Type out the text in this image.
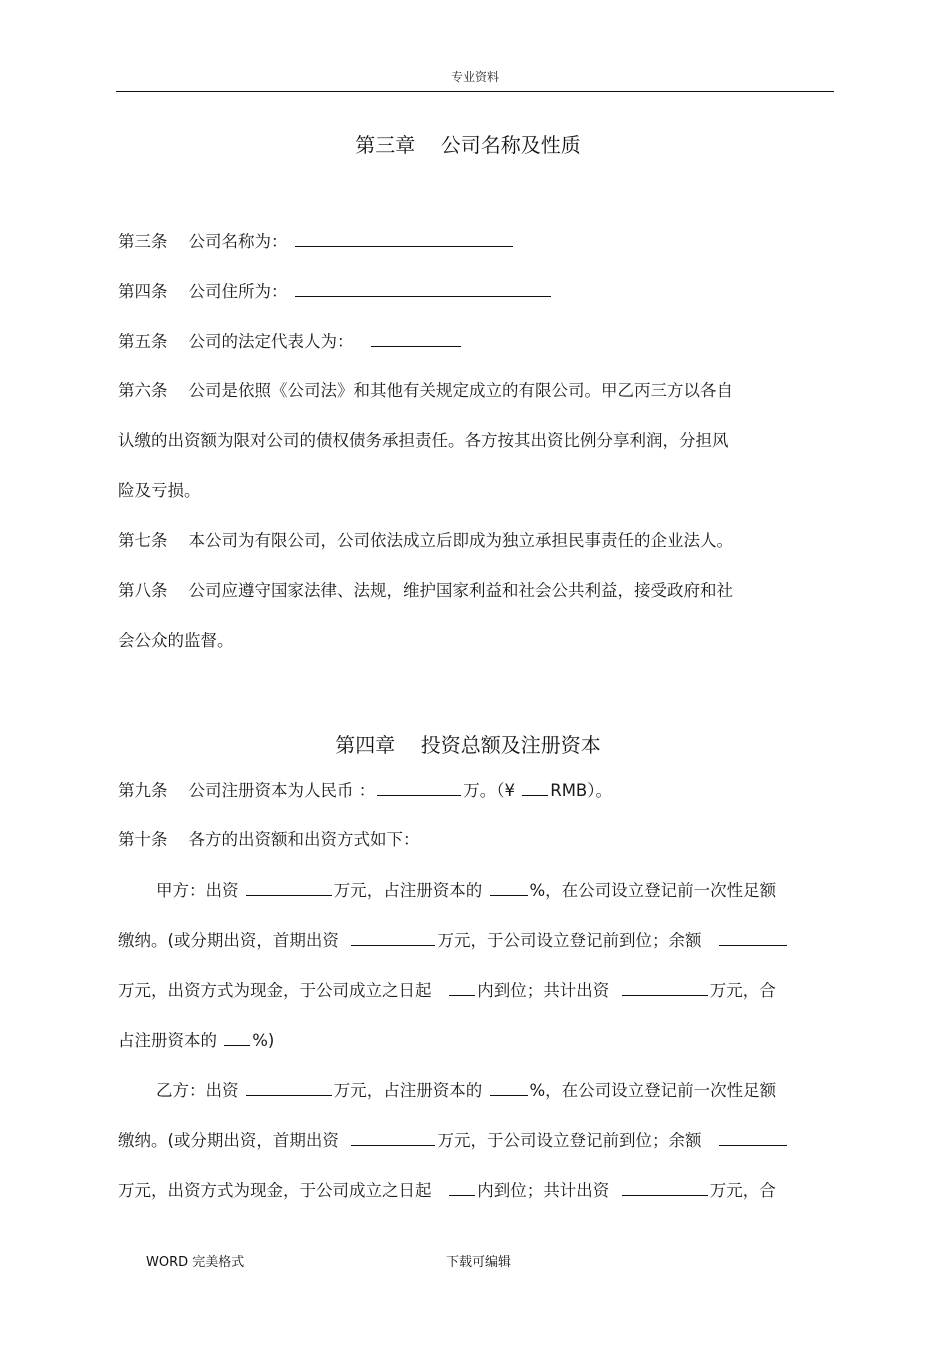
专业资料
第三章    公司名称及性质
第三条 公司名称为：
第四条 公司住所为：
第五条 公司的法定代表人为：
第六条 公司是依照《公司法》和其他有关规定成立的有限公司。甲乙丙三方以各自
认缴的出资额为限对公司的债权债务承担责任。各方按其出资比例分享利润，分担风
险及亏损。
第七条 本公司为有限公司，公司依法成立后即成为独立承担民事责任的企业法人。
第八条 公司应遵守国家法律、法规，维护国家利益和社会公共利益，接受政府和社
会公众的监督。
第四章    投资总额及注册资本
第九条 公司注册资本为人民币 ：	万。（¥ RMB）。
第十条 各方的出资额和出资方式如下：
甲方：出资	万元，占注册资本的	%，在公司设立登记前一次性足额
缴纳。(或分期出资，首期出资	万元，于公司设立登记前到位；余额
万元，出资方式为现金，于公司成立之日起	内到位；共计出资	万元，合
占注册资本的 %)
乙方：出资	万元，占注册资本的	%，在公司设立登记前一次性足额
缴纳。(或分期出资，首期出资	万元，于公司设立登记前到位；余额
万元，出资方式为现金，于公司成立之日起	内到位；共计出资	万元，合
WORD 完美格式	下载可编辑
